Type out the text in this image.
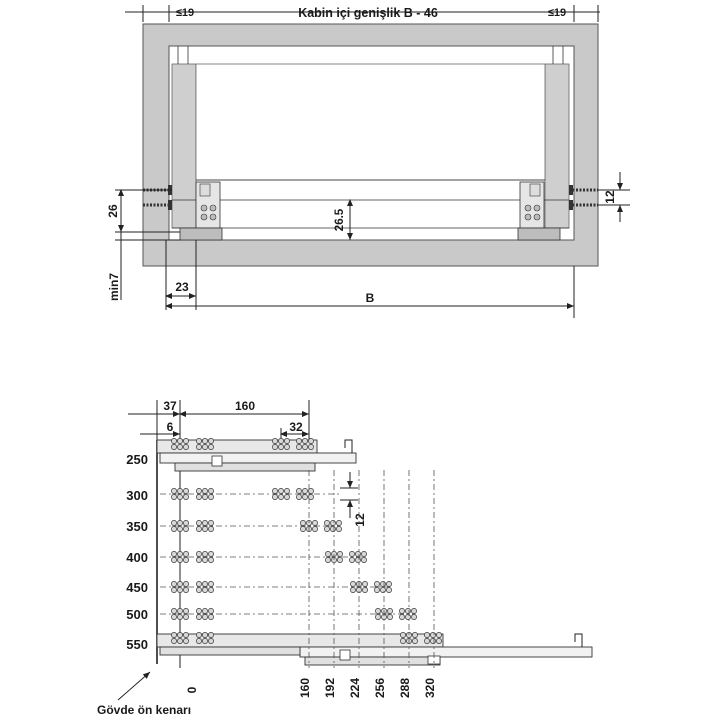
≤19	Kabin içi genişlik B - 46	≤19
26
min7
26.5
12
23
B
37	160
6	32
12
250
300
350
400
450
500
550
0	160 192 224 256 288 320
Gövde ön kenarı
